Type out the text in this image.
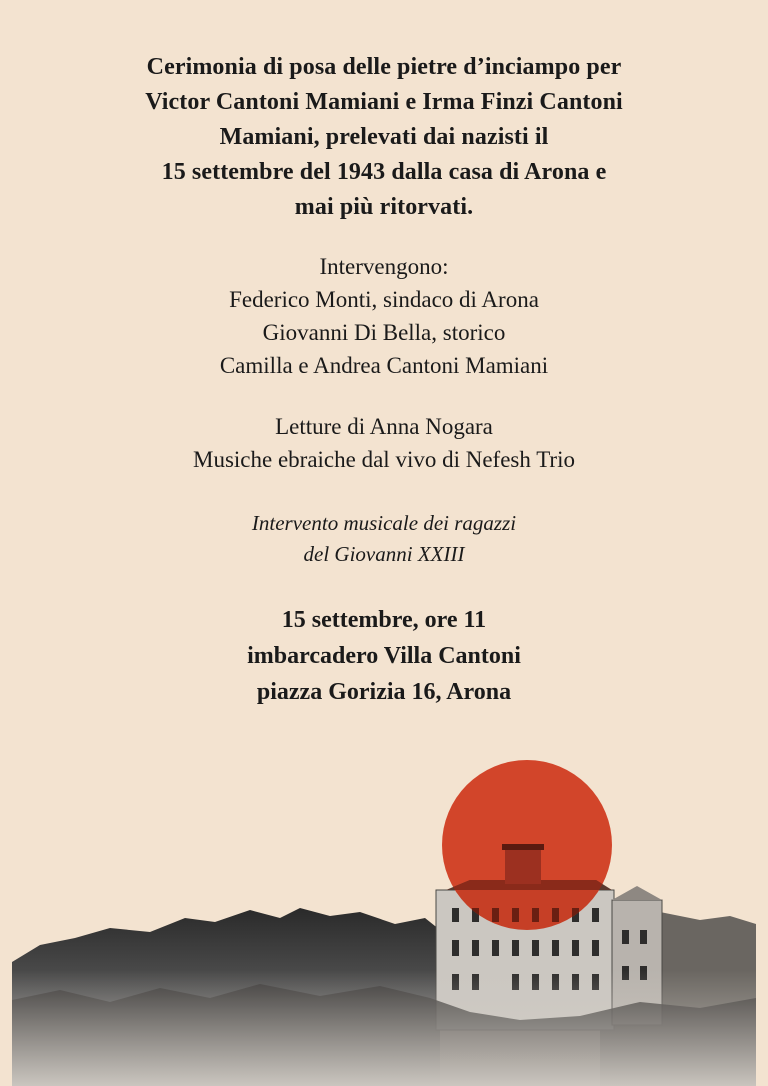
Cerimonia di posa delle pietre d’inciampo per
Victor Cantoni Mamiani e Irma Finzi Cantoni
Mamiani, prelevati dai nazisti il
15 settembre del 1943 dalla casa di Arona e
mai più ritorvati.
Intervengono:
Federico Monti, sindaco di Arona
Giovanni Di Bella, storico
Camilla e Andrea Cantoni Mamiani
Letture di Anna Nogara
Musiche ebraiche dal vivo di Nefesh Trio
Intervento musicale dei ragazzi
del Giovanni XXIII
15 settembre, ore 11
imbarcadero Villa Cantoni
piazza Gorizia 16, Arona
